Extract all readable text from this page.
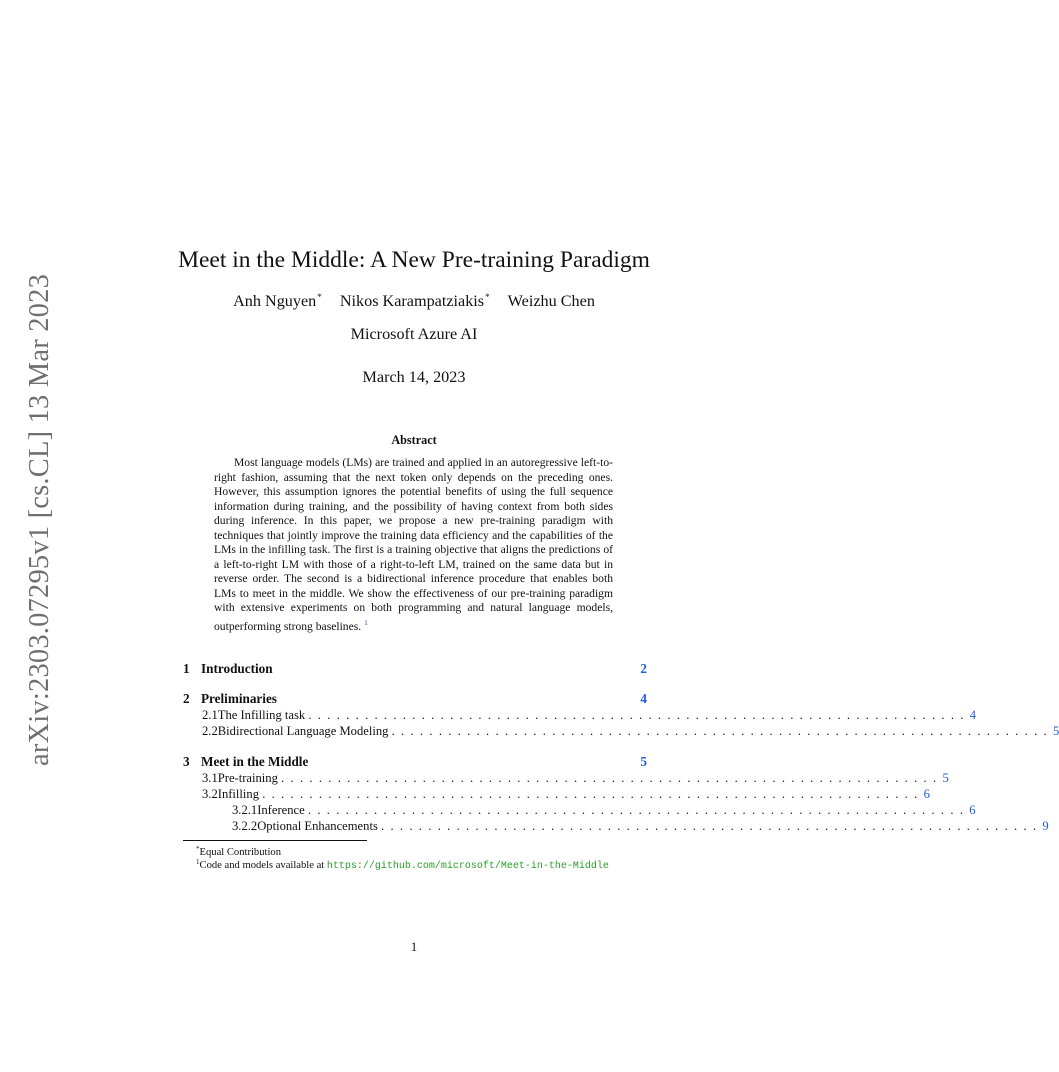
arXiv:2303.07295v1 [cs.CL] 13 Mar 2023
Meet in the Middle: A New Pre-training Paradigm
Anh Nguyen* Nikos Karampatziakis* Weizhu Chen
Microsoft Azure AI
March 14, 2023
Abstract

Most language models (LMs) are trained and applied in an autoregressive left-to-right fashion, assuming that the next token only depends on the preceding ones. However, this assumption ignores the potential benefits of using the full sequence information during training, and the possibility of having context from both sides during inference. In this paper, we propose a new pre-training paradigm with techniques that jointly improve the training data efficiency and the capabilities of the LMs in the infilling task. The first is a training objective that aligns the predictions of a left-to-right LM with those of a right-to-left LM, trained on the same data but in reverse order. The second is a bidirectional inference procedure that enables both LMs to meet in the middle. We show the effectiveness of our pre-training paradigm with extensive experiments on both programming and natural language models, outperforming strong baselines. $^1$

1 Introduction	2
2 Preliminaries	4
2.1 The Infilling task ...................................................................... 4
2.2 Bidirectional Language Modeling ...................................................................... 5
3 Meet in the Middle	5
3.1 Pre-training ...................................................................... 5
3.2 Infilling ...................................................................... 6
3.2.1 Inference ...................................................................... 6
3.2.2 Optional Enhancements ...................................................................... 9
*Equal Contribution
$^1$Code and models available at https://github.com/microsoft/Meet-in-the-Middle
1
